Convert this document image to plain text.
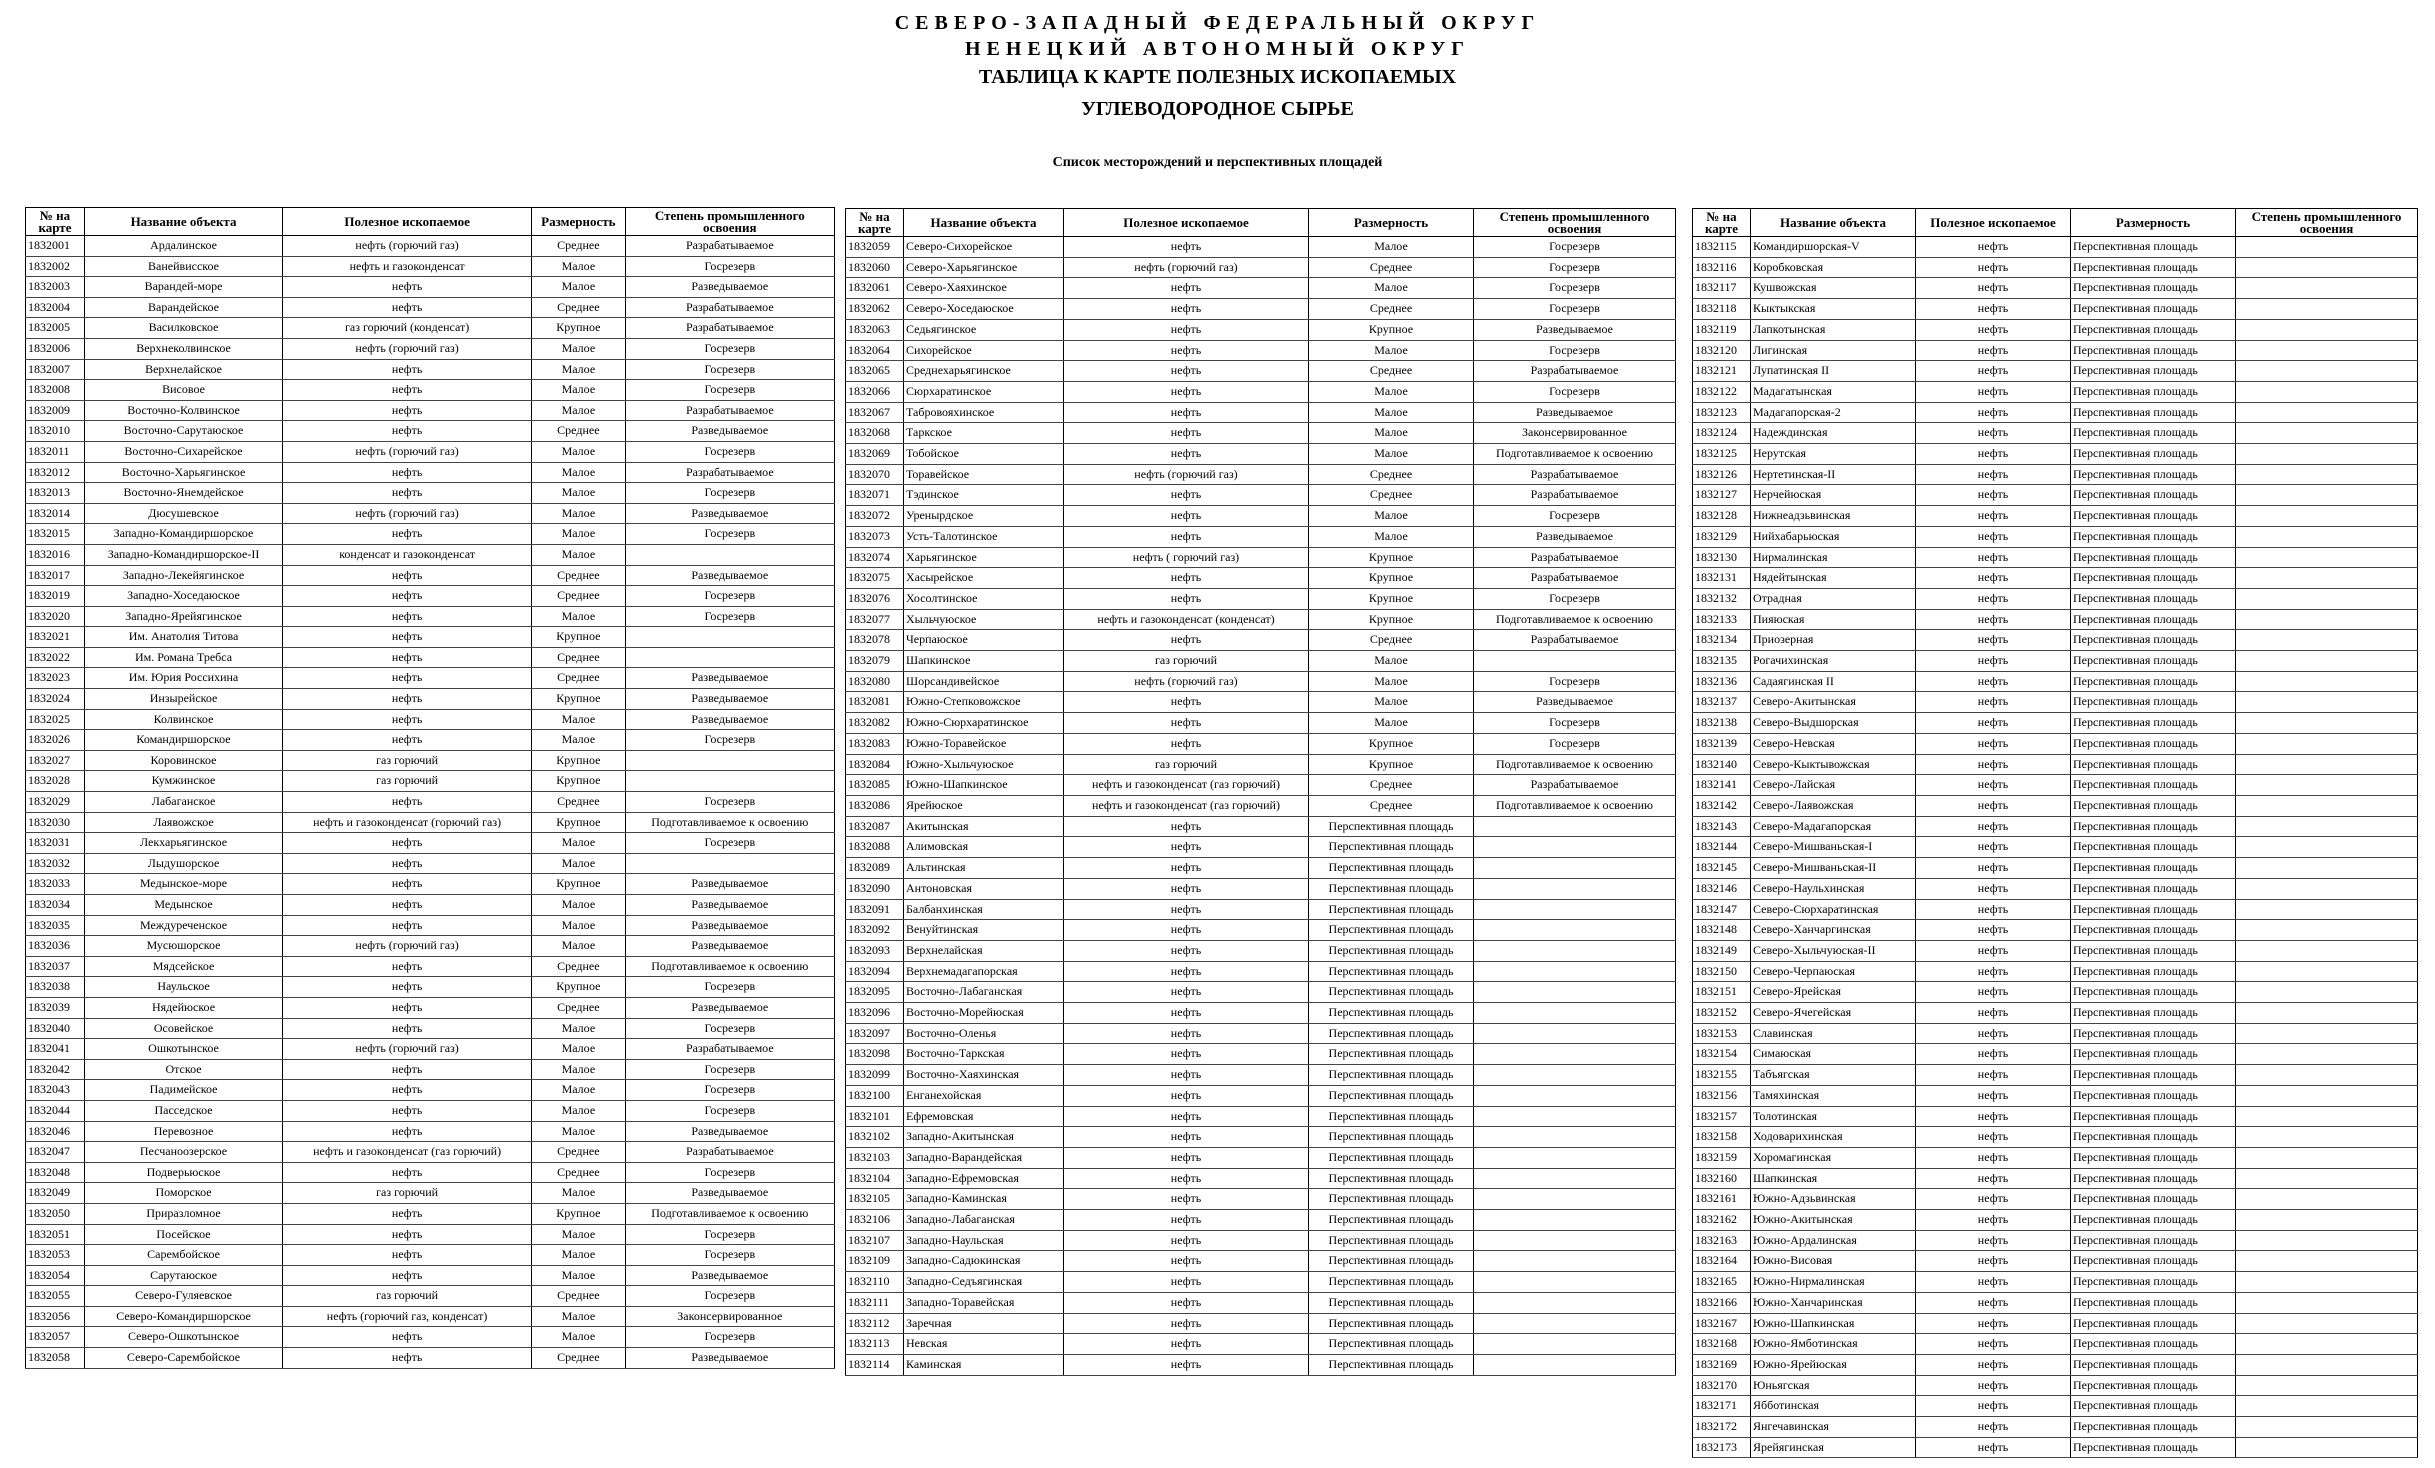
СЕВЕРО-ЗАПАДНЫЙ ФЕДЕРАЛЬНЫЙ ОКРУГ
НЕНЕЦКИЙ АВТОНОМНЫЙ ОКРУГ
ТАБЛИЦА К КАРТЕ ПОЛЕЗНЫХ ИСКОПАЕМЫХ
УГЛЕВОДОРОДНОЕ СЫРЬЕ
Список месторождений и перспективных площадей
№ на карте	Название объекта	Полезное ископаемое	Размерность	Степень промышленного освоения
1832001	Ардалинское	нефть (горючий газ)	Среднее	Разрабатываемое
1832002	Ванейвисское	нефть и газоконденсат	Малое	Госрезерв
1832003	Варандей-море	нефть	Малое	Разведываемое
1832004	Варандейское	нефть	Среднее	Разрабатываемое
1832005	Василковское	газ горючий (конденсат)	Крупное	Разрабатываемое
1832006	Верхнеколвинское	нефть (горючий газ)	Малое	Госрезерв
1832007	Верхнелайское	нефть	Малое	Госрезерв
1832008	Висовое	нефть	Малое	Госрезерв
1832009	Восточно-Колвинское	нефть	Малое	Разрабатываемое
1832010	Восточно-Сарутаюское	нефть	Среднее	Разведываемое
1832011	Восточно-Сихарейское	нефть (горючий газ)	Малое	Госрезерв
1832012	Восточно-Харьягинское	нефть	Малое	Разрабатываемое
1832013	Восточно-Янемдейское	нефть	Малое	Госрезерв
1832014	Дюсушевское	нефть (горючий газ)	Малое	Разведываемое
1832015	Западно-Командиршорское	нефть	Малое	Госрезерв
1832016	Западно-Командиршорское-II	конденсат и газоконденсат	Малое	
1832017	Западно-Лекейягинское	нефть	Среднее	Разведываемое
1832019	Западно-Хоседаюское	нефть	Среднее	Госрезерв
1832020	Западно-Ярейягинское	нефть	Малое	Госрезерв
1832021	Им. Анатолия Титова	нефть	Крупное	
1832022	Им. Романа Требса	нефть	Среднее	
1832023	Им. Юрия Россихина	нефть	Среднее	Разведываемое
1832024	Инзырейское	нефть	Крупное	Разведываемое
1832025	Колвинское	нефть	Малое	Разведываемое
1832026	Командиршорское	нефть	Малое	Госрезерв
1832027	Коровинское	газ горючий	Крупное	
1832028	Кумжинское	газ горючий	Крупное	
1832029	Лабаганское	нефть	Среднее	Госрезерв
1832030	Лаявожское	нефть и газоконденсат (горючий газ)	Крупное	Подготавливаемое к освоению
1832031	Лекхарьягинское	нефть	Малое	Госрезерв
1832032	Лыдушорское	нефть	Малое	
1832033	Медынское-море	нефть	Крупное	Разведываемое
1832034	Медынское	нефть	Малое	Разведываемое
1832035	Междуреченское	нефть	Малое	Разведываемое
1832036	Мусюшорское	нефть (горючий газ)	Малое	Разведываемое
1832037	Мядсейское	нефть	Среднее	Подготавливаемое к освоению
1832038	Наульское	нефть	Крупное	Госрезерв
1832039	Нядейюское	нефть	Среднее	Разведываемое
1832040	Осовейское	нефть	Малое	Госрезерв
1832041	Ошкотынское	нефть (горючий газ)	Малое	Разрабатываемое
1832042	Отское	нефть	Малое	Госрезерв
1832043	Падимейское	нефть	Малое	Госрезерв
1832044	Пасседское	нефть	Малое	Госрезерв
1832046	Перевозное	нефть	Малое	Разведываемое
1832047	Песчаноозерское	нефть и газоконденсат (газ горючий)	Среднее	Разрабатываемое
1832048	Подверьюское	нефть	Среднее	Госрезерв
1832049	Поморское	газ горючий	Малое	Разведываемое
1832050	Приразломное	нефть	Крупное	Подготавливаемое к освоению
1832051	Посейское	нефть	Малое	Госрезерв
1832053	Сарембойское	нефть	Малое	Госрезерв
1832054	Сарутаюское	нефть	Малое	Разведываемое
1832055	Северо-Гуляевское	газ горючий	Среднее	Госрезерв
1832056	Северо-Командиршорское	нефть (горючий газ, конденсат)	Малое	Законсервированное
1832057	Северо-Ошкотынское	нефть	Малое	Госрезерв
1832058	Северо-Сарембойское	нефть	Среднее	Разведываемое
№ на карте	Название объекта	Полезное ископаемое	Размерность	Степень промышленного освоения
1832059	Северо-Сихорейское	нефть	Малое	Госрезерв
1832060	Северо-Харьягинское	нефть (горючий газ)	Среднее	Госрезерв
1832061	Северо-Хаяхинское	нефть	Малое	Госрезерв
1832062	Северо-Хоседаюское	нефть	Среднее	Госрезерв
1832063	Седьягинское	нефть	Крупное	Разведываемое
1832064	Сихорейское	нефть	Малое	Госрезерв
1832065	Среднехарьягинское	нефть	Среднее	Разрабатываемое
1832066	Сюрхаратинское	нефть	Малое	Госрезерв
1832067	Табровояхинское	нефть	Малое	Разведываемое
1832068	Таркское	нефть	Малое	Законсервированное
1832069	Тобойское	нефть	Малое	Подготавливаемое к освоению
1832070	Торавейское	нефть (горючий газ)	Среднее	Разрабатываемое
1832071	Тэдинское	нефть	Среднее	Разрабатываемое
1832072	Уренырдское	нефть	Малое	Госрезерв
1832073	Усть-Талотинское	нефть	Малое	Разведываемое
1832074	Харьягинское	нефть ( горючий газ)	Крупное	Разрабатываемое
1832075	Хасырейское	нефть	Крупное	Разрабатываемое
1832076	Хосолтинское	нефть	Крупное	Госрезерв
1832077	Хыльчуюское	нефть и газоконденсат (конденсат)	Крупное	Подготавливаемое к освоению
1832078	Черпаюское	нефть	Среднее	Разрабатываемое
1832079	Шапкинское	газ горючий	Малое	
1832080	Шорсандивейское	нефть (горючий газ)	Малое	Госрезерв
1832081	Южно-Степковожское	нефть	Малое	Разведываемое
1832082	Южно-Сюрхаратинское	нефть	Малое	Госрезерв
1832083	Южно-Торавейское	нефть	Крупное	Госрезерв
1832084	Южно-Хыльчуюское	газ горючий	Крупное	Подготавливаемое к освоению
1832085	Южно-Шапкинское	нефть и газоконденсат (газ горючий)	Среднее	Разрабатываемое
1832086	Ярейюское	нефть и газоконденсат (газ горючий)	Среднее	Подготавливаемое к освоению
1832087	Акитынская	нефть	Перспективная площадь	
1832088	Алимовская	нефть	Перспективная площадь	
1832089	Альтинская	нефть	Перспективная площадь	
1832090	Антоновская	нефть	Перспективная площадь	
1832091	Балбанхинская	нефть	Перспективная площадь	
1832092	Венуйтинская	нефть	Перспективная площадь	
1832093	Верхнелайская	нефть	Перспективная площадь	
1832094	Верхнемадагапорская	нефть	Перспективная площадь	
1832095	Восточно-Лабаганская	нефть	Перспективная площадь	
1832096	Восточно-Морейюская	нефть	Перспективная площадь	
1832097	Восточно-Оленья	нефть	Перспективная площадь	
1832098	Восточно-Таркская	нефть	Перспективная площадь	
1832099	Восточно-Хаяхинская	нефть	Перспективная площадь	
1832100	Енганехойская	нефть	Перспективная площадь	
1832101	Ефремовская	нефть	Перспективная площадь	
1832102	Западно-Акитынская	нефть	Перспективная площадь	
1832103	Западно-Варандейская	нефть	Перспективная площадь	
1832104	Западно-Ефремовская	нефть	Перспективная площадь	
1832105	Западно-Каминская	нефть	Перспективная площадь	
1832106	Западно-Лабаганская	нефть	Перспективная площадь	
1832107	Западно-Наульская	нефть	Перспективная площадь	
1832109	Западно-Садюкинская	нефть	Перспективная площадь	
1832110	Западно-Седъягинская	нефть	Перспективная площадь	
1832111	Западно-Торавейская	нефть	Перспективная площадь	
1832112	Заречная	нефть	Перспективная площадь	
1832113	Невская	нефть	Перспективная площадь	
1832114	Каминская	нефть	Перспективная площадь	
№ на карте	Название объекта	Полезное ископаемое	Размерность	Степень промышленного освоения
1832115	Командиршорская-V	нефть	Перспективная площадь	
1832116	Коробковская	нефть	Перспективная площадь	
1832117	Кушвожская	нефть	Перспективная площадь	
1832118	Кыктыкская	нефть	Перспективная площадь	
1832119	Лапкотынская	нефть	Перспективная площадь	
1832120	Лигинская	нефть	Перспективная площадь	
1832121	Лупатинская II	нефть	Перспективная площадь	
1832122	Мадагатынская	нефть	Перспективная площадь	
1832123	Мадагапорская-2	нефть	Перспективная площадь	
1832124	Надеждинская	нефть	Перспективная площадь	
1832125	Нерутская	нефть	Перспективная площадь	
1832126	Нертетинская-II	нефть	Перспективная площадь	
1832127	Нерчейюская	нефть	Перспективная площадь	
1832128	Нижнеадзьвинская	нефть	Перспективная площадь	
1832129	Нийхабарьюская	нефть	Перспективная площадь	
1832130	Нирмалинская	нефть	Перспективная площадь	
1832131	Нядейтынская	нефть	Перспективная площадь	
1832132	Отрадная	нефть	Перспективная площадь	
1832133	Пияюская	нефть	Перспективная площадь	
1832134	Приозерная	нефть	Перспективная площадь	
1832135	Рогачихинская	нефть	Перспективная площадь	
1832136	Садаягинская II	нефть	Перспективная площадь	
1832137	Северо-Акитынская	нефть	Перспективная площадь	
1832138	Северо-Выдшорская	нефть	Перспективная площадь	
1832139	Северо-Невская	нефть	Перспективная площадь	
1832140	Северо-Кыктывожская	нефть	Перспективная площадь	
1832141	Северо-Лайская	нефть	Перспективная площадь	
1832142	Северо-Лаявожская	нефть	Перспективная площадь	
1832143	Северо-Мадагапорская	нефть	Перспективная площадь	
1832144	Северо-Мишваньская-I	нефть	Перспективная площадь	
1832145	Северо-Мишваньская-II	нефть	Перспективная площадь	
1832146	Северо-Наульхинская	нефть	Перспективная площадь	
1832147	Северо-Сюрхаратинская	нефть	Перспективная площадь	
1832148	Северо-Ханчаргинская	нефть	Перспективная площадь	
1832149	Северо-Хыльчуюская-II	нефть	Перспективная площадь	
1832150	Северо-Черпаюская	нефть	Перспективная площадь	
1832151	Северо-Ярейская	нефть	Перспективная площадь	
1832152	Северо-Ячегейская	нефть	Перспективная площадь	
1832153	Славинская	нефть	Перспективная площадь	
1832154	Симаюская	нефть	Перспективная площадь	
1832155	Табъягская	нефть	Перспективная площадь	
1832156	Тамяхинская	нефть	Перспективная площадь	
1832157	Толотинская	нефть	Перспективная площадь	
1832158	Ходоварихинская	нефть	Перспективная площадь	
1832159	Хоромагинская	нефть	Перспективная площадь	
1832160	Шапкинская	нефть	Перспективная площадь	
1832161	Южно-Адзьвинская	нефть	Перспективная площадь	
1832162	Южно-Акитынская	нефть	Перспективная площадь	
1832163	Южно-Ардалинская	нефть	Перспективная площадь	
1832164	Южно-Висовая	нефть	Перспективная площадь	
1832165	Южно-Нирмалинская	нефть	Перспективная площадь	
1832166	Южно-Ханчаринская	нефть	Перспективная площадь	
1832167	Южно-Шапкинская	нефть	Перспективная площадь	
1832168	Южно-Ямботинская	нефть	Перспективная площадь	
1832169	Южно-Ярейюская	нефть	Перспективная площадь	
1832170	Юньягская	нефть	Перспективная площадь	
1832171	Ябботинская	нефть	Перспективная площадь	
1832172	Янгечавинская	нефть	Перспективная площадь	
1832173	Ярейягинская	нефть	Перспективная площадь	
